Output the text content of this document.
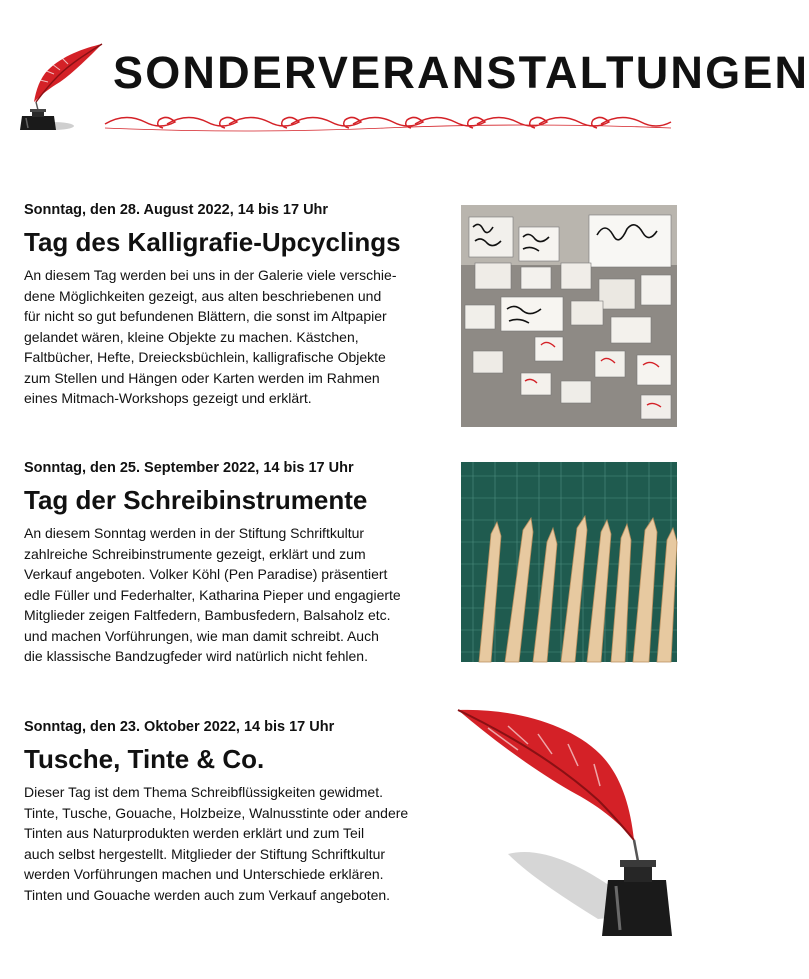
SONDERVERANSTALTUNGEN

Sonntag, den 28. August 2022, 14 bis 17 Uhr

Tag des Kalligrafie-Upcyclings
An diesem Tag werden bei uns in der Galerie viele verschie-
dene Möglichkeiten gezeigt, aus alten beschriebenen und
für nicht so gut befundenen Blättern, die sonst im Altpapier
gelandet wären, kleine Objekte zu machen. Kästchen,
Faltbücher, Hefte, Dreiecksbüchlein, kalligrafische Objekte
zum Stellen und Hängen oder Karten werden im Rahmen
eines Mitmach-Workshops gezeigt und erklärt.

Sonntag, den 25. September 2022, 14 bis 17 Uhr

Tag der Schreibinstrumente
An diesem Sonntag werden in der Stiftung Schriftkultur
zahlreiche Schreibinstrumente gezeigt, erklärt und zum
Verkauf angeboten. Volker Köhl (Pen Paradise) präsentiert
edle Füller und Federhalter, Katharina Pieper und engagierte
Mitglieder zeigen Faltfedern, Bambusfedern, Balsaholz etc.
und machen Vorführungen, wie man damit schreibt. Auch
die klassische Bandzugfeder wird natürlich nicht fehlen.

Sonntag, den 23. Oktober 2022, 14 bis 17 Uhr

Tusche, Tinte & Co.
Dieser Tag ist dem Thema Schreibflüssigkeiten gewidmet.
Tinte, Tusche, Gouache, Holzbeize, Walnusstinte oder andere
Tinten aus Naturprodukten werden erklärt und zum Teil
auch selbst hergestellt. Mitglieder der Stiftung Schriftkultur
werden Vorführungen machen und Unterschiede erklären.
Tinten und Gouache werden auch zum Verkauf angeboten.
